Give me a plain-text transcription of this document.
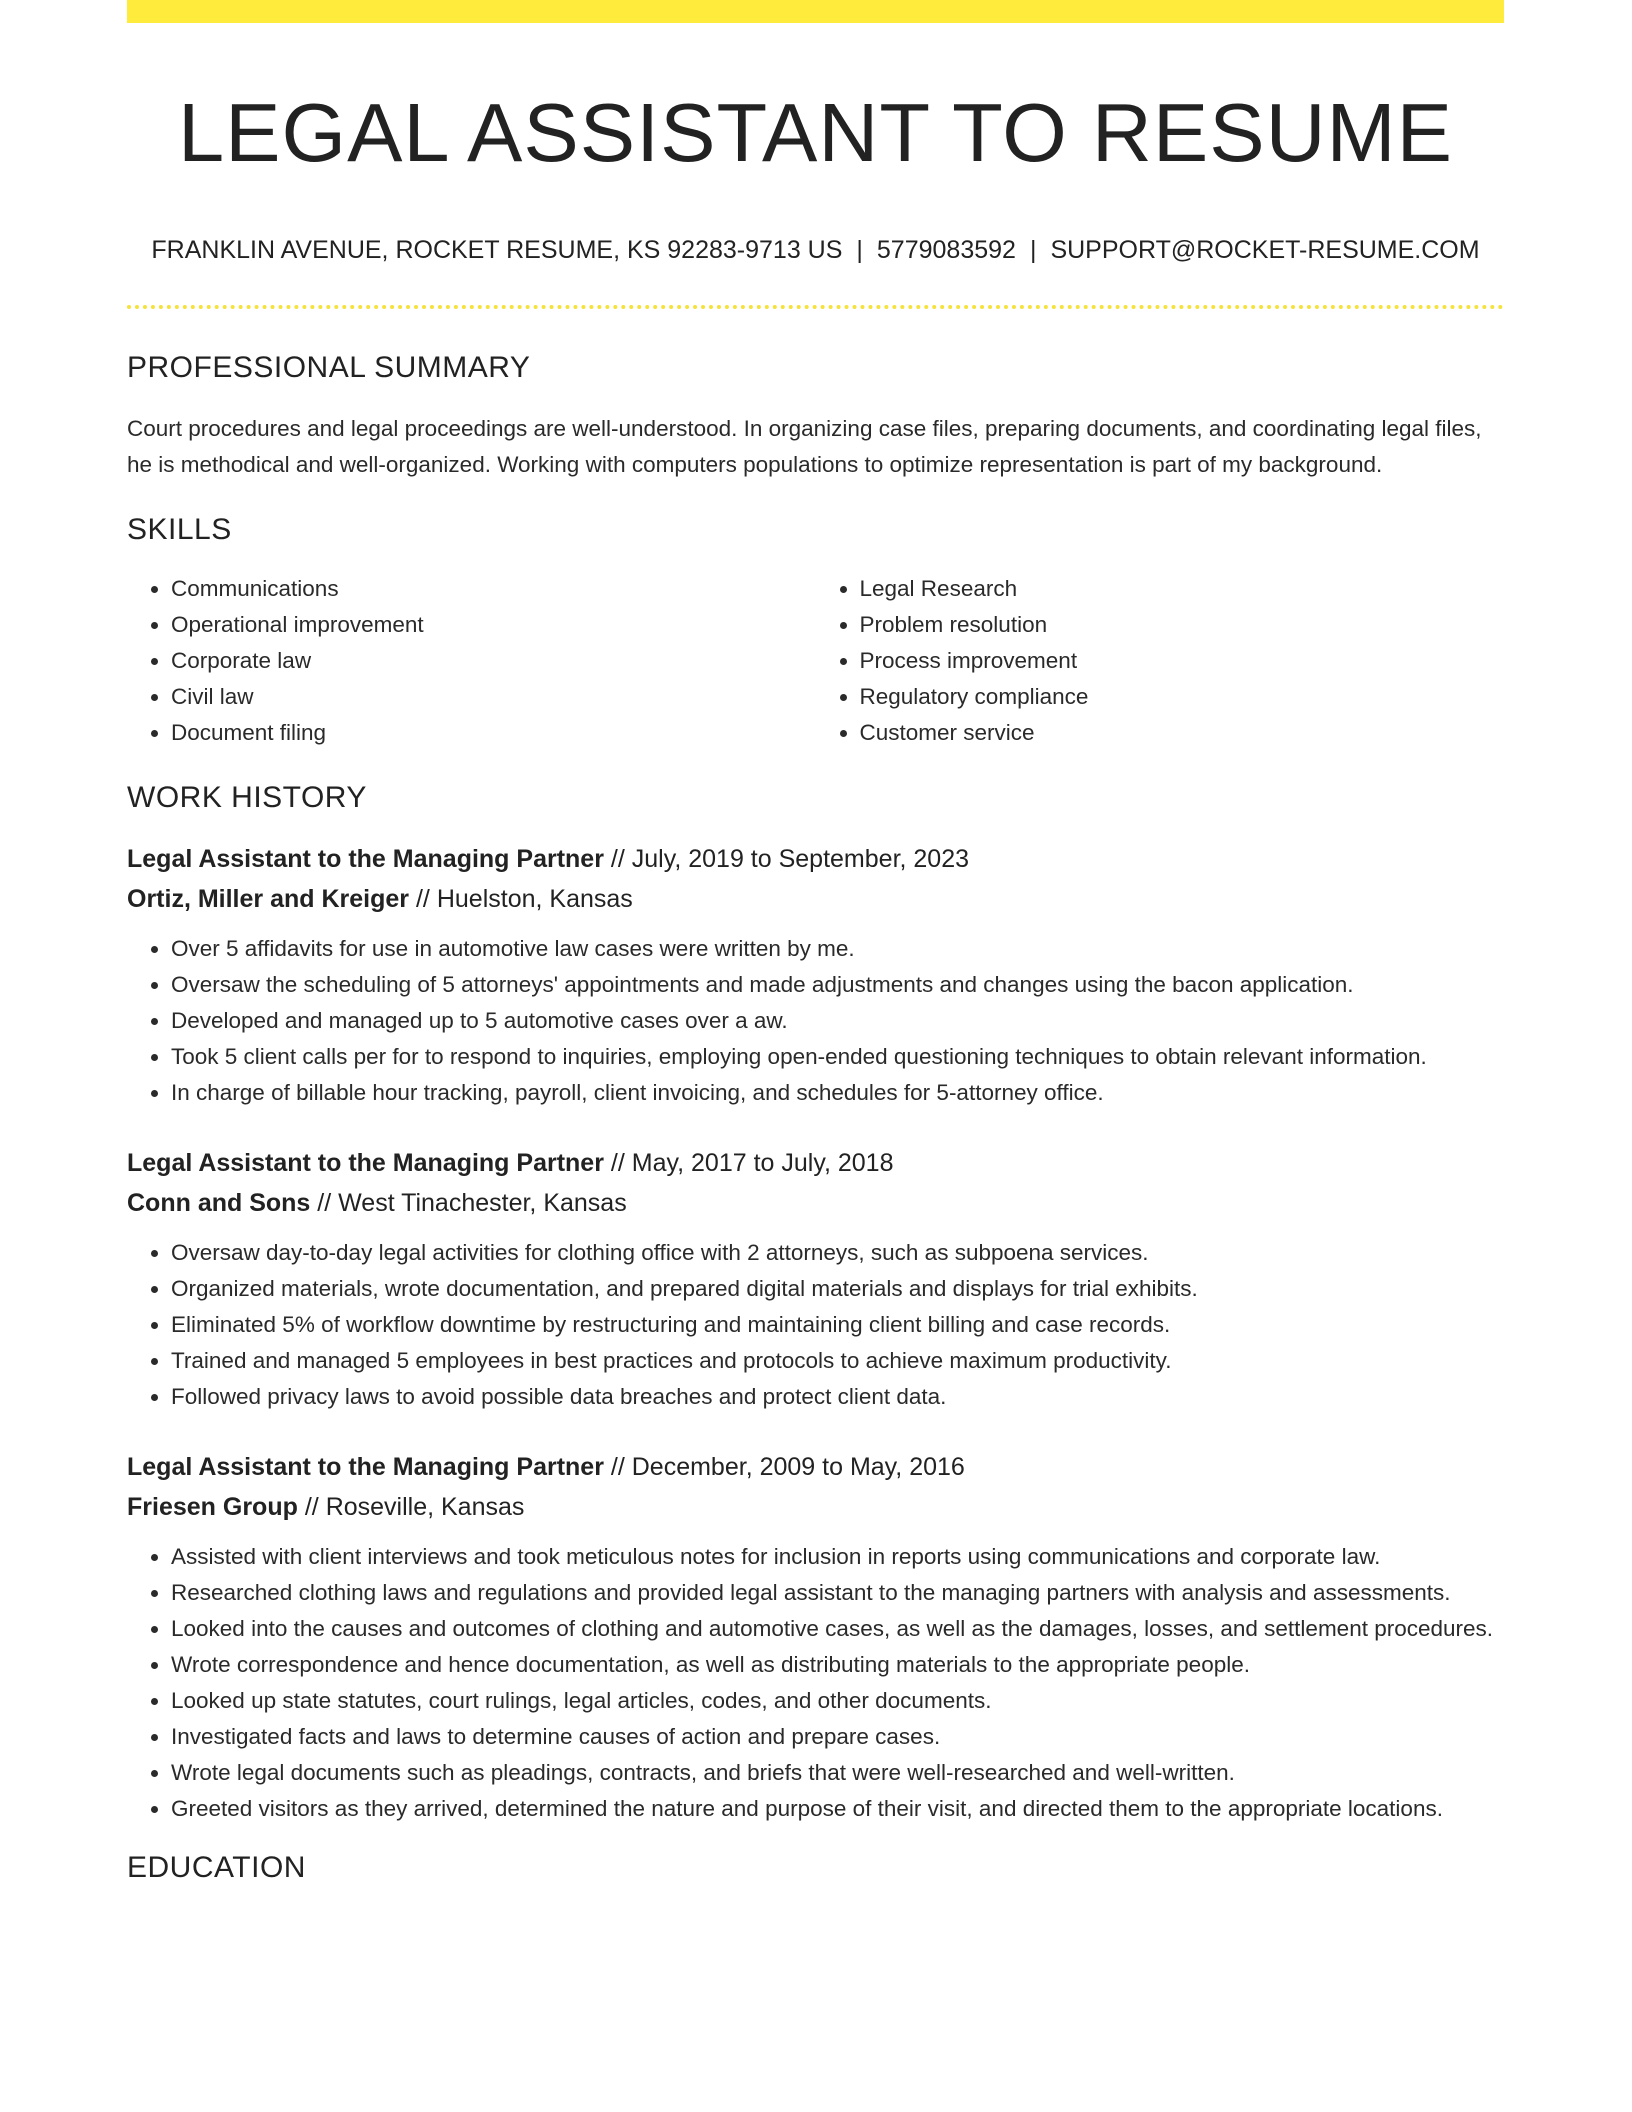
LEGAL ASSISTANT TO RESUME
FRANKLIN AVENUE, ROCKET RESUME, KS 92283-9713 US | 5779083592 | SUPPORT@ROCKET-RESUME.COM
PROFESSIONAL SUMMARY
Court procedures and legal proceedings are well-understood. In organizing case files, preparing documents, and coordinating legal files, he is methodical and well-organized. Working with computers populations to optimize representation is part of my background.
SKILLS
• Communications
• Operational improvement
• Corporate law
• Civil law
• Document filing
• Legal Research
• Problem resolution
• Process improvement
• Regulatory compliance
• Customer service
WORK HISTORY
Legal Assistant to the Managing Partner // July, 2019 to September, 2023
Ortiz, Miller and Kreiger // Huelston, Kansas
• Over 5 affidavits for use in automotive law cases were written by me.
• Oversaw the scheduling of 5 attorneys' appointments and made adjustments and changes using the bacon application.
• Developed and managed up to 5 automotive cases over a aw.
• Took 5 client calls per for to respond to inquiries, employing open-ended questioning techniques to obtain relevant information.
• In charge of billable hour tracking, payroll, client invoicing, and schedules for 5-attorney office.
Legal Assistant to the Managing Partner // May, 2017 to July, 2018
Conn and Sons // West Tinachester, Kansas
• Oversaw day-to-day legal activities for clothing office with 2 attorneys, such as subpoena services.
• Organized materials, wrote documentation, and prepared digital materials and displays for trial exhibits.
• Eliminated 5% of workflow downtime by restructuring and maintaining client billing and case records.
• Trained and managed 5 employees in best practices and protocols to achieve maximum productivity.
• Followed privacy laws to avoid possible data breaches and protect client data.
Legal Assistant to the Managing Partner // December, 2009 to May, 2016
Friesen Group // Roseville, Kansas
• Assisted with client interviews and took meticulous notes for inclusion in reports using communications and corporate law.
• Researched clothing laws and regulations and provided legal assistant to the managing partners with analysis and assessments.
• Looked into the causes and outcomes of clothing and automotive cases, as well as the damages, losses, and settlement procedures.
• Wrote correspondence and hence documentation, as well as distributing materials to the appropriate people.
• Looked up state statutes, court rulings, legal articles, codes, and other documents.
• Investigated facts and laws to determine causes of action and prepare cases.
• Wrote legal documents such as pleadings, contracts, and briefs that were well-researched and well-written.
• Greeted visitors as they arrived, determined the nature and purpose of their visit, and directed them to the appropriate locations.
EDUCATION
